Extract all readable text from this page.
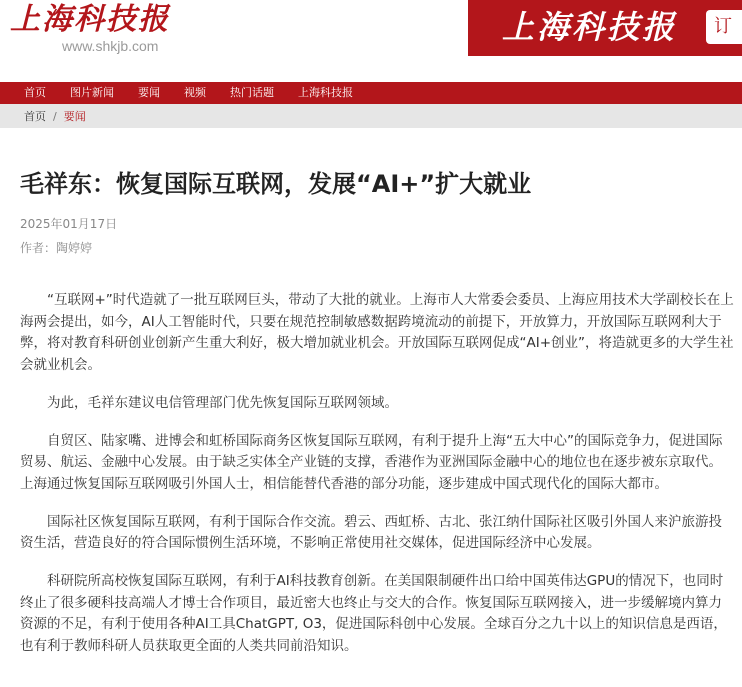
上海科技报
www.shkjb.com	上海科技报	订
首页 图片新闻 要闻 视频 热门话题 上海科技报
首页 / 要闻
毛祥东：恢复国际互联网，发展“AI+”扩大就业
2025年01月17日
作者：陶婷婷

“互联网+”时代造就了一批互联网巨头，带动了大批的就业。上海市人大常委会委员、上海应用技术大学副校长在上海两会提出，如今，AI人工智能时代，只要在规范控制敏感数据跨境流动的前提下，开放算力，开放国际互联网利大于弊，将对教育科研创业创新产生重大利好，极大增加就业机会。开放国际互联网促成“AI+创业”，将造就更多的大学生社会就业机会。

为此，毛祥东建议电信管理部门优先恢复国际互联网领域。

自贸区、陆家嘴、进博会和虹桥国际商务区恢复国际互联网，有利于提升上海“五大中心”的国际竞争力，促进国际贸易、航运、金融中心发展。由于缺乏实体全产业链的支撑，香港作为亚洲国际金融中心的地位也在逐步被东京取代。上海通过恢复国际互联网吸引外国人士，相信能替代香港的部分功能，逐步建成中国式现代化的国际大都市。

国际社区恢复国际互联网，有利于国际合作交流。碧云、西虹桥、古北、张江纳什国际社区吸引外国人来沪旅游投资生活，营造良好的符合国际惯例生活环境，不影响正常使用社交媒体，促进国际经济中心发展。

科研院所高校恢复国际互联网，有利于AI科技教育创新。在美国限制硬件出口给中国英伟达GPU的情况下，也同时终止了很多硬科技高端人才博士合作项目，最近密大也终止与交大的合作。恢复国际互联网接入，进一步缓解境内算力资源的不足，有利于使用各种AI工具ChatGPT, O3，促进国际科创中心发展。全球百分之九十以上的知识信息是西语，也有利于教师科研人员获取更全面的人类共同前沿知识。
